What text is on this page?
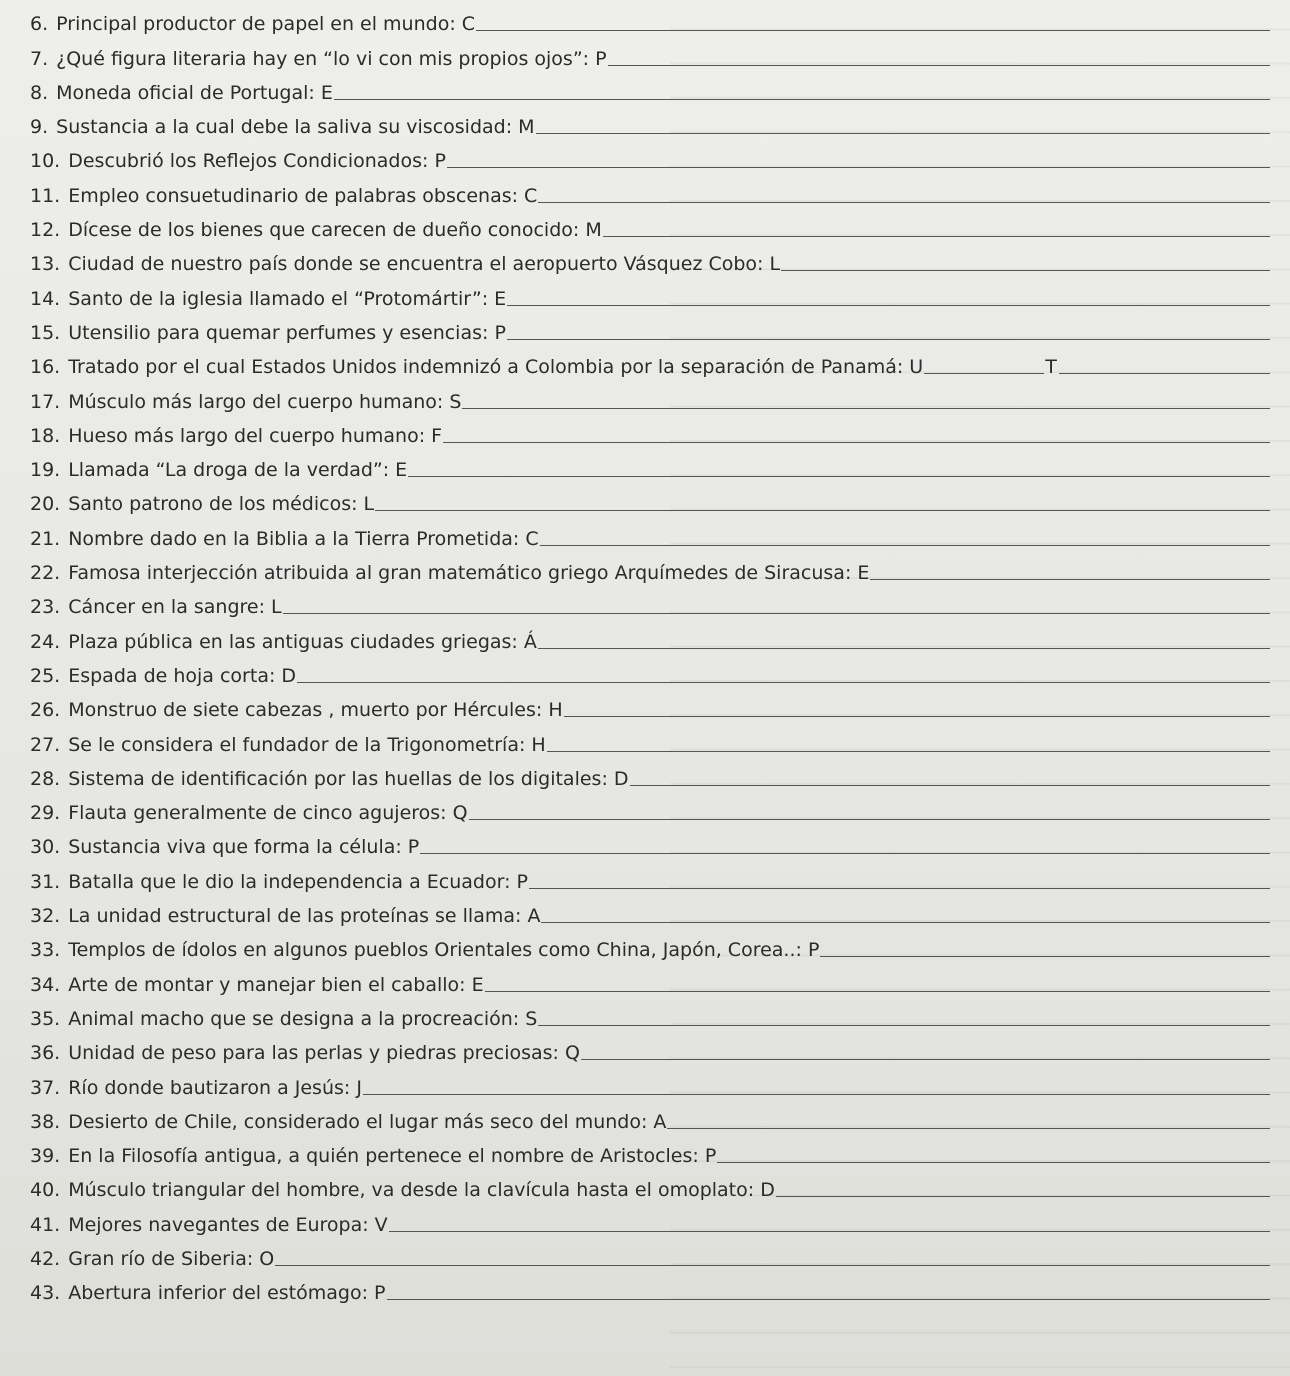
6. Principal productor de papel en el mundo: C
7. ¿Qué figura literaria hay en “lo vi con mis propios ojos”: P
8. Moneda oficial de Portugal: E
9. Sustancia a la cual debe la saliva su viscosidad: M
10. Descubrió los Reflejos Condicionados: P
11. Empleo consuetudinario de palabras obscenas: C
12. Dícese de los bienes que carecen de dueño conocido: M
13. Ciudad de nuestro país donde se encuentra el aeropuerto Vásquez Cobo: L
14. Santo de la iglesia llamado el “Protomártir”: E
15. Utensilio para quemar perfumes y esencias: P
16. Tratado por el cual Estados Unidos indemnizó a Colombia por la separación de Panamá: U	T
17. Músculo más largo del cuerpo humano: S
18. Hueso más largo del cuerpo humano: F
19. Llamada “La droga de la verdad”: E
20. Santo patrono de los médicos: L
21. Nombre dado en la Biblia a la Tierra Prometida: C
22. Famosa interjección atribuida al gran matemático griego Arquímedes de Siracusa: E
23. Cáncer en la sangre: L
24. Plaza pública en las antiguas ciudades griegas: Á
25. Espada de hoja corta: D
26. Monstruo de siete cabezas , muerto por Hércules: H
27. Se le considera el fundador de la Trigonometría: H
28. Sistema de identificación por las huellas de los digitales: D
29. Flauta generalmente de cinco agujeros: Q
30. Sustancia viva que forma la célula: P
31. Batalla que le dio la independencia a Ecuador: P
32. La unidad estructural de las proteínas se llama: A
33. Templos de ídolos en algunos pueblos Orientales como China, Japón, Corea..: P
34. Arte de montar y manejar bien el caballo: E
35. Animal macho que se designa a la procreación: S
36. Unidad de peso para las perlas y piedras preciosas: Q
37. Río donde bautizaron a Jesús: J
38. Desierto de Chile, considerado el lugar más seco del mundo: A
39. En la Filosofía antigua, a quién pertenece el nombre de Aristocles: P
40. Músculo triangular del hombre, va desde la clavícula hasta el omoplato: D
41. Mejores navegantes de Europa: V
42. Gran río de Siberia: O
43. Abertura inferior del estómago: P
